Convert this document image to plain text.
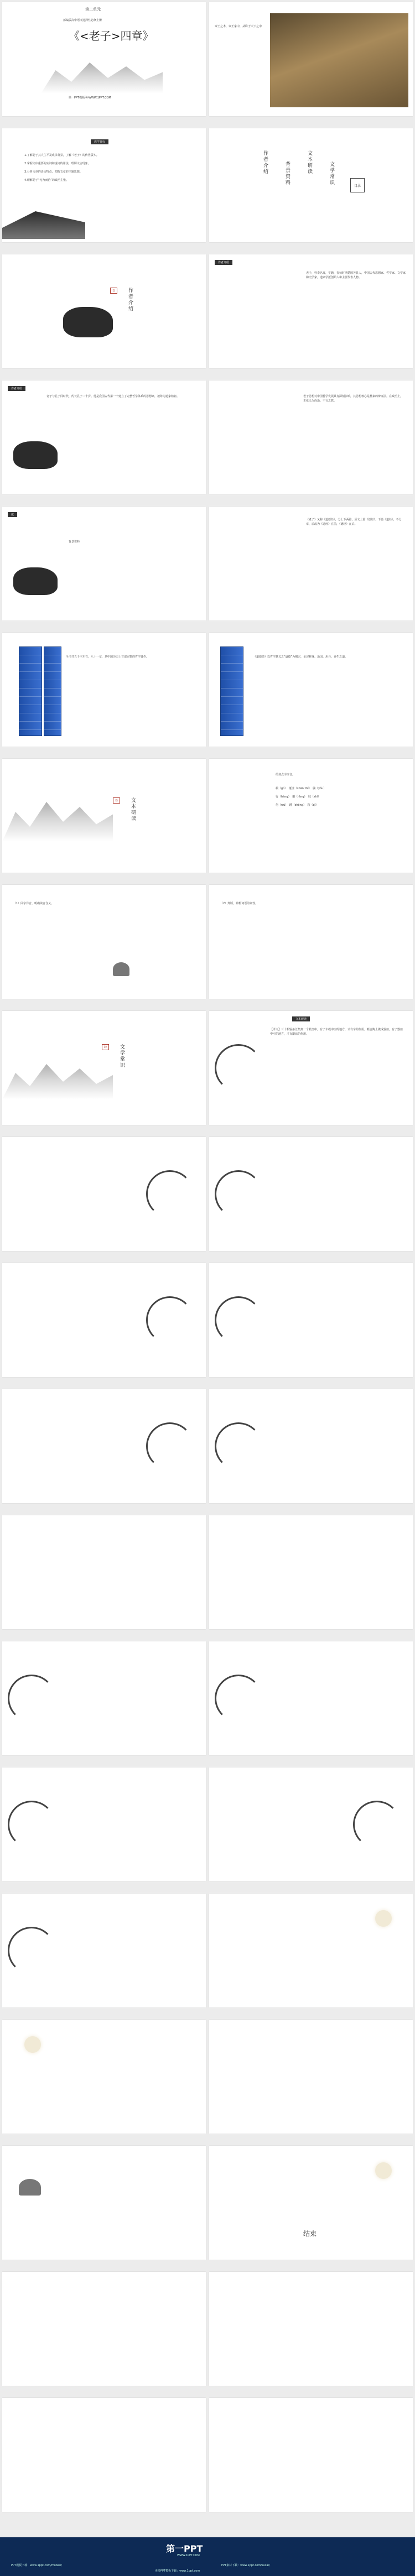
第二单元
《<老子>四章》
部编版高中语文选择性必修上册
第一PPT模板网-WWW.1PPT.COM
帝王之术，帝王家中，从卧于天下之中
教学目标
1.了解老子其人生平及成书背景，了解《老子》的传世版本。
2.掌握文中重要的实词和虚词的用法，理解文言现象。
3.分析文章的语言特点，把握文章的主题思想。
4.理解老子“无为而治”的政治主张。
目录
作者介绍	背景资料	文本研读	文学常识
壹	作者介绍
作者介绍
老子，姓李名耳，字聃，春秋时期楚国苦县人，中国古代思想家、哲学家、文学家和史学家，道家学派创始人和主要代表人物。
作者介绍
老子与孔子同时代，约长孔子二十岁。他是我国古代第一个建立了完整哲学体系的思想家，被尊为道家始祖。	老子思想对中国哲学发展具有深刻影响，其思想核心是朴素的辩证法。在政治上，主张无为而治、不言之教。
贰
背景资料
《老子》又称《道德经》，分上下两篇，原文上篇《德经》、下篇《道经》，不分章，后改为《道经》在前，《德经》在后。
全书共五千字左右，八十一章，是中国历史上首部完整的哲学著作。	《道德经》以哲学意义之“道德”为纲宗，论述修身、治国、用兵、养生之道。
叁	文本研读
给加点字注音。
毂（gǔ）　埏埴（shān zhí）　牖（yǒu）
行（háng）　攘（rǎng）　肢（zhī）
勿（wù）　踵（zhǒng）　跂（qǐ）
（1）同字异音，明确读音含义。	（2）判断，辨析词语的词性。
肆	文学常识
文本研读
【译文】三十根辐条汇集到一个毂当中，有了车毂中空的地方，才有车的作用。糅合陶土做成器皿，有了器皿中空的地方，才有器皿的作用。
结束
第一PPT
WWW.1PPT.COM
PPT模板下载：www.1ppt.com/moban/	PPT素材下载：www.1ppt.com/sucai/
更多PPT模板下载：www.1ppt.com
